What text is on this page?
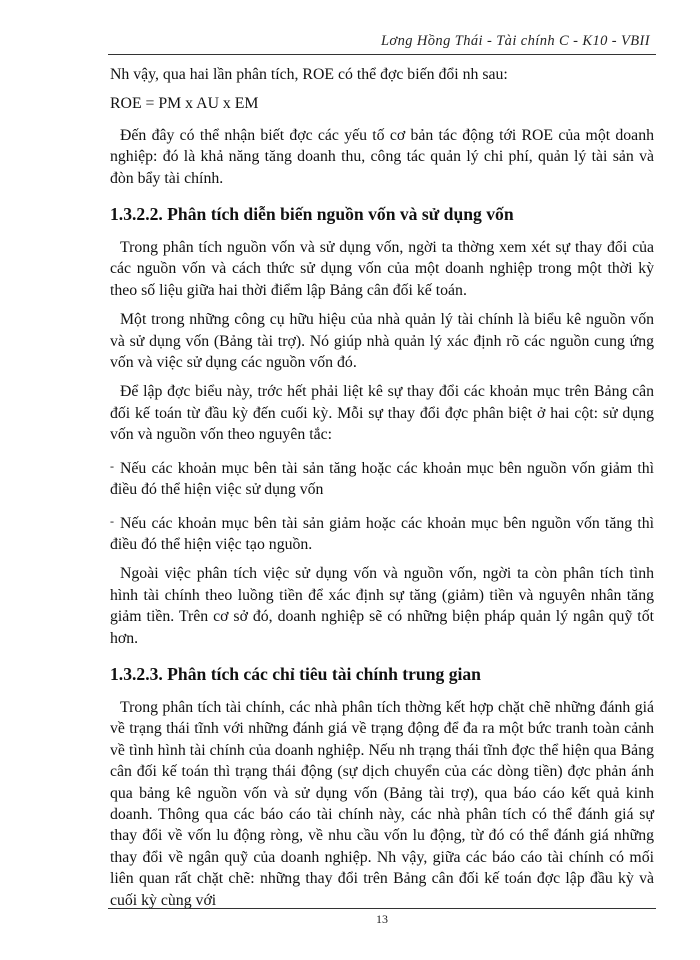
Lơng Hồng Thái - Tài chính C - K10 - VBII

Nh vậy, qua hai lần phân tích, ROE có thể đợc biến đổi nh sau:

ROE = PM x AU x EM

Đến đây có thể nhận biết đợc các yếu tố cơ bản tác động tới ROE của một doanh nghiệp: đó là khả năng tăng doanh thu, công tác quản lý chi phí, quản lý tài sản và đòn bẩy tài chính.

1.3.2.2. Phân tích diễn biến nguồn vốn và sử dụng vốn

Trong phân tích nguồn vốn và sử dụng vốn, ngời ta thờng xem xét sự thay đổi của các nguồn vốn và cách thức sử dụng vốn của một doanh nghiệp trong một thời kỳ theo số liệu giữa hai thời điểm lập Bảng cân đối kế toán.

Một trong những công cụ hữu hiệu của nhà quản lý tài chính là biểu kê nguồn vốn và sử dụng vốn (Bảng tài trợ). Nó giúp nhà quản lý xác định rõ các nguồn cung ứng vốn và việc sử dụng các nguồn vốn đó.

Để lập đợc biểu này, trớc hết phải liệt kê sự thay đổi các khoản mục trên Bảng cân đối kế toán từ đầu kỳ đến cuối kỳ. Mỗi sự thay đổi đợc phân biệt ở hai cột: sử dụng vốn và nguồn vốn theo nguyên tắc:

- Nếu các khoản mục bên tài sản tăng hoặc các khoản mục bên nguồn vốn giảm thì điều đó thể hiện việc sử dụng vốn

- Nếu các khoản mục bên tài sản giảm hoặc các khoản mục bên nguồn vốn tăng thì điều đó thể hiện việc tạo nguồn.

Ngoài việc phân tích việc sử dụng vốn và nguồn vốn, ngời ta còn phân tích tình hình tài chính theo luồng tiền để xác định sự tăng (giảm) tiền và nguyên nhân tăng giảm tiền. Trên cơ sở đó, doanh nghiệp sẽ có những biện pháp quản lý ngân quỹ tốt hơn.

1.3.2.3. Phân tích các chỉ tiêu tài chính trung gian

Trong phân tích tài chính, các nhà phân tích thờng kết hợp chặt chẽ những đánh giá về trạng thái tĩnh với những đánh giá về trạng động để đa ra một bức tranh toàn cảnh về tình hình tài chính của doanh nghiệp. Nếu nh trạng thái tĩnh đợc thể hiện qua Bảng cân đối kế toán thì trạng thái động (sự dịch chuyển của các dòng tiền) đợc phản ánh qua bảng kê nguồn vốn và sử dụng vốn (Bảng tài trợ), qua báo cáo kết quả kinh doanh. Thông qua các báo cáo tài chính này, các nhà phân tích có thể đánh giá sự thay đổi về vốn lu động ròng, về nhu cầu vốn lu động, từ đó có thể đánh giá những thay đổi về ngân quỹ của doanh nghiệp. Nh vậy, giữa các báo cáo tài chính có mối liên quan rất chặt chẽ: những thay đổi trên Bảng cân đối kế toán đợc lập đầu kỳ và cuối kỳ cùng với

13
